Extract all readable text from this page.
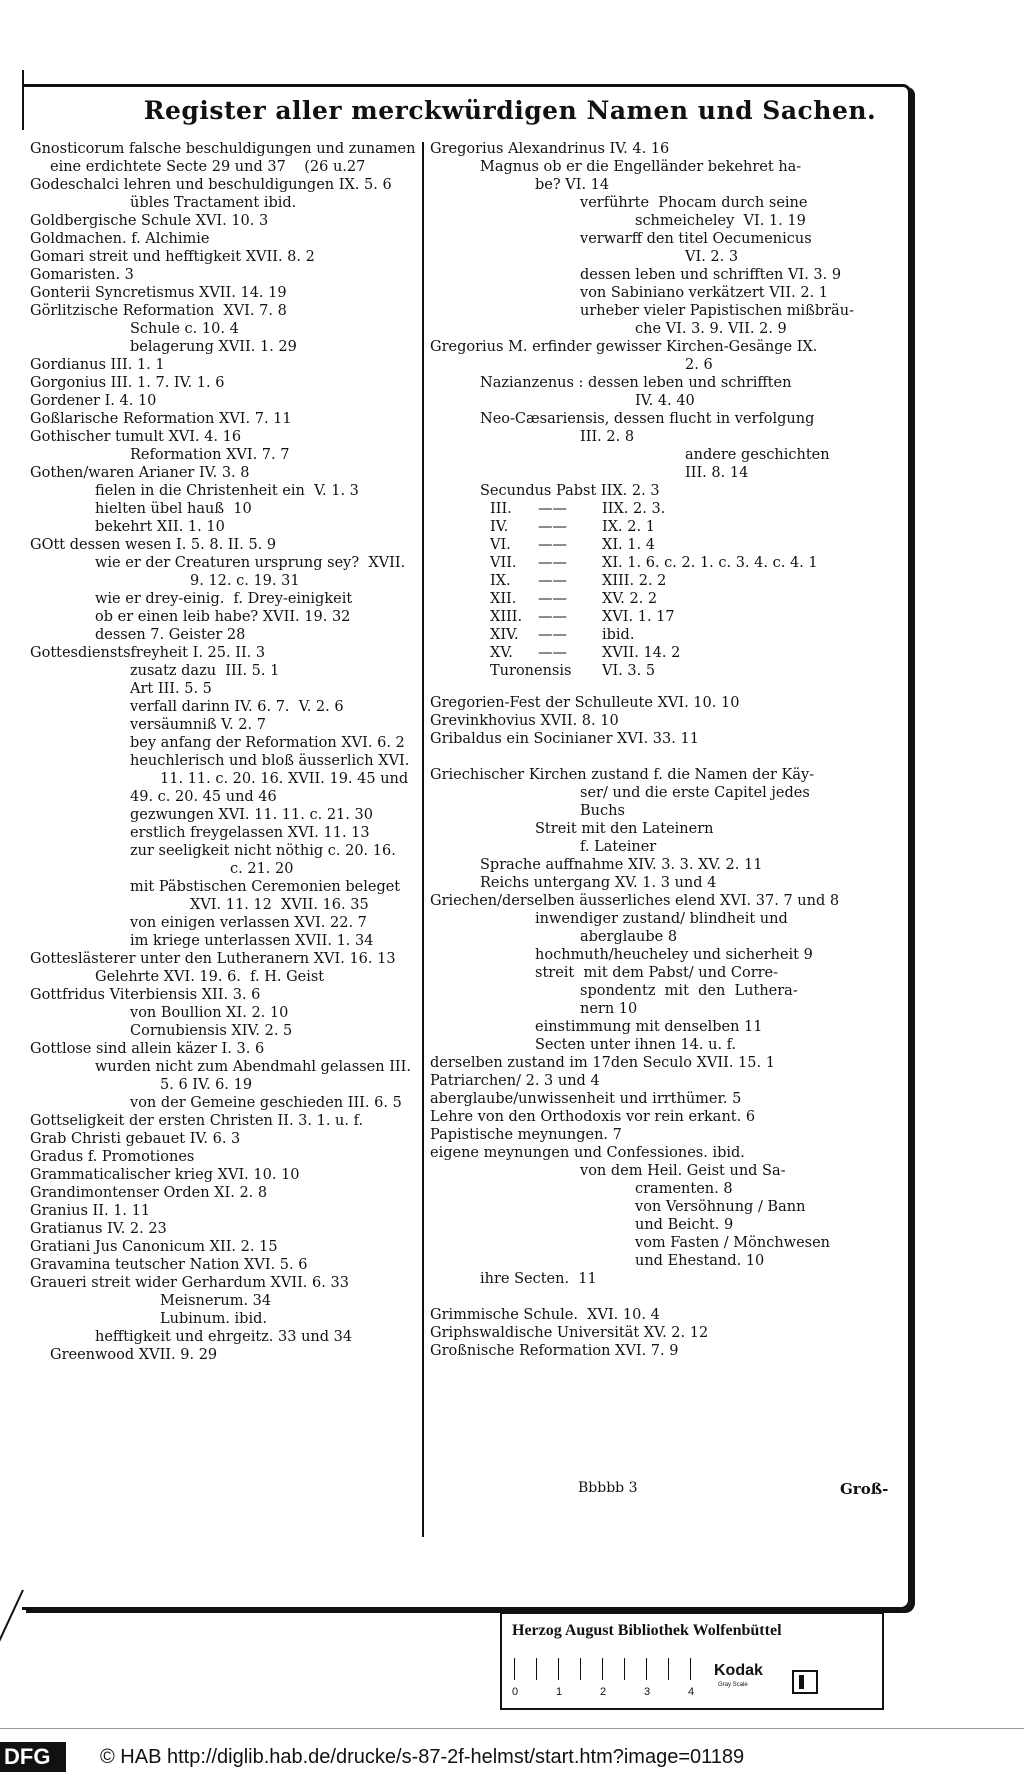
Register aller merckwürdigen Namen und Sachen.
Gnosticorum falsche beschuldigungen und zunamen
eine erdichtete Secte 29 und 37    (26 u.27
Godeschalci lehren und beschuldigungen IX. 5. 6
übles Tractament ibid.
Goldbergische Schule XVI. 10. 3
Goldmachen. f. Alchimie
Gomari streit und hefftigkeit XVII. 8. 2
Gomaristen. 3
Gonterii Syncretismus XVII. 14. 19
Görlitzische Reformation  XVI. 7. 8
Schule c. 10. 4
belagerung XVII. 1. 29
Gordianus III. 1. 1
Gorgonius III. 1. 7. IV. 1. 6
Gordener I. 4. 10
Goßlarische Reformation XVI. 7. 11
Gothischer tumult XVI. 4. 16
Reformation XVI. 7. 7
Gothen/waren Arianer IV. 3. 8
fielen in die Christenheit ein  V. 1. 3
hielten übel hauß  10
bekehrt XII. 1. 10
GOtt dessen wesen I. 5. 8. II. 5. 9
wie er der Creaturen ursprung sey?  XVII.
9. 12. c. 19. 31
wie er drey-einig.  f. Drey-einigkeit
ob er einen leib habe? XVII. 19. 32
dessen 7. Geister 28
Gottesdienstsfreyheit I. 25. II. 3
zusatz dazu  III. 5. 1
Art III. 5. 5
verfall darinn IV. 6. 7.  V. 2. 6
versäumniß V. 2. 7
bey anfang der Reformation XVI. 6. 2
heuchlerisch und bloß äusserlich XVI.
11. 11. c. 20. 16. XVII. 19. 45 und
49. c. 20. 45 und 46
gezwungen XVI. 11. 11. c. 21. 30
erstlich freygelassen XVI. 11. 13
zur seeligkeit nicht nöthig c. 20. 16.
c. 21. 20
mit Päbstischen Ceremonien beleget
XVI. 11. 12  XVII. 16. 35
von einigen verlassen XVI. 22. 7
im kriege unterlassen XVII. 1. 34
Gotteslästerer unter den Lutheranern XVI. 16. 13
Gelehrte XVI. 19. 6.  f. H. Geist
Gottfridus Viterbiensis XII. 3. 6
von Boullion XI. 2. 10
Cornubiensis XIV. 2. 5
Gottlose sind allein käzer I. 3. 6
wurden nicht zum Abendmahl gelassen III.
5. 6 IV. 6. 19
von der Gemeine geschieden III. 6. 5
Gottseligkeit der ersten Christen II. 3. 1. u. f.
Grab Christi gebauet IV. 6. 3
Gradus f. Promotiones
Grammaticalischer krieg XVI. 10. 10
Grandimontenser Orden XI. 2. 8
Granius II. 1. 11
Gratianus IV. 2. 23
Gratiani Jus Canonicum XII. 2. 15
Gravamina teutscher Nation XVI. 5. 6
Graueri streit wider Gerhardum XVII. 6. 33
Meisnerum. 34
Lubinum. ibid.
hefftigkeit und ehrgeitz. 33 und 34
Greenwood XVII. 9. 29
Gregorius Alexandrinus IV. 4. 16
Magnus ob er die Engelländer bekehret ha-
be? VI. 14
verführte  Phocam durch seine
schmeicheley  VI. 1. 19
verwarff den titel Oecumenicus
VI. 2. 3
dessen leben und schrifften VI. 3. 9
von Sabiniano verkätzert VII. 2. 1
urheber vieler Papistischen mißbräu-
che VI. 3. 9. VII. 2. 9
Gregorius M. erfinder gewisser Kirchen-Gesänge IX.
2. 6
Nazianzenus : dessen leben und schrifften
IV. 4. 40
Neo-Cæsariensis, dessen flucht in verfolgung
III. 2. 8
andere geschichten
III. 8. 14
Secundus Pabst IIX. 2. 3
III.	——	IIX. 2. 3.
IV.	——	IX. 2. 1
VI.	——	XI. 1. 4
VII.	——	XI. 1. 6. c. 2. 1. c. 3. 4. c. 4. 1
IX.	——	XIII. 2. 2
XII.	——	XV. 2. 2
XIII.	——	XVI. 1. 17
XIV.	——	ibid.
XV.	——	XVII. 14. 2
Turonensis	VI. 3. 5
Gregorien-Fest der Schulleute XVI. 10. 10
Grevinkhovius XVII. 8. 10
Gribaldus ein Socinianer XVI. 33. 11

Griechischer Kirchen zustand f. die Namen der Käy-
ser/ und die erste Capitel jedes
Buchs
Streit mit den Lateinern
f. Lateiner
Sprache auffnahme XIV. 3. 3. XV. 2. 11
Reichs untergang XV. 1. 3 und 4
Griechen/derselben äusserliches elend XVI. 37. 7 und 8
inwendiger zustand/ blindheit und
aberglaube 8
hochmuth/heucheley und sicherheit 9
streit  mit dem Pabst/ und Corre-
spondentz  mit  den  Luthera-
nern 10
einstimmung mit denselben 11
Secten unter ihnen 14. u. f.
derselben zustand im 17den Seculo XVII. 15. 1
Patriarchen/ 2. 3 und 4
aberglaube/unwissenheit und irrthümer. 5
Lehre von den Orthodoxis vor rein erkant. 6
Papistische meynungen. 7
eigene meynungen und Confessiones. ibid.
von dem Heil. Geist und Sa-
cramenten. 8
von Versöhnung / Bann
und Beicht. 9
vom Fasten / Mönchwesen
und Ehestand. 10
ihre Secten.  11

Grimmische Schule.  XVI. 10. 4
Griphswaldische Universität XV. 2. 12
Großnische Reformation XVI. 7. 9
Bbbbb 3	Groß-
Herzog August Bibliothek Wolfenbüttel
0	1	2	3	4
Kodak
Gray Scale
DFG	© HAB http://diglib.hab.de/drucke/s-87-2f-helmst/start.htm?image=01189
